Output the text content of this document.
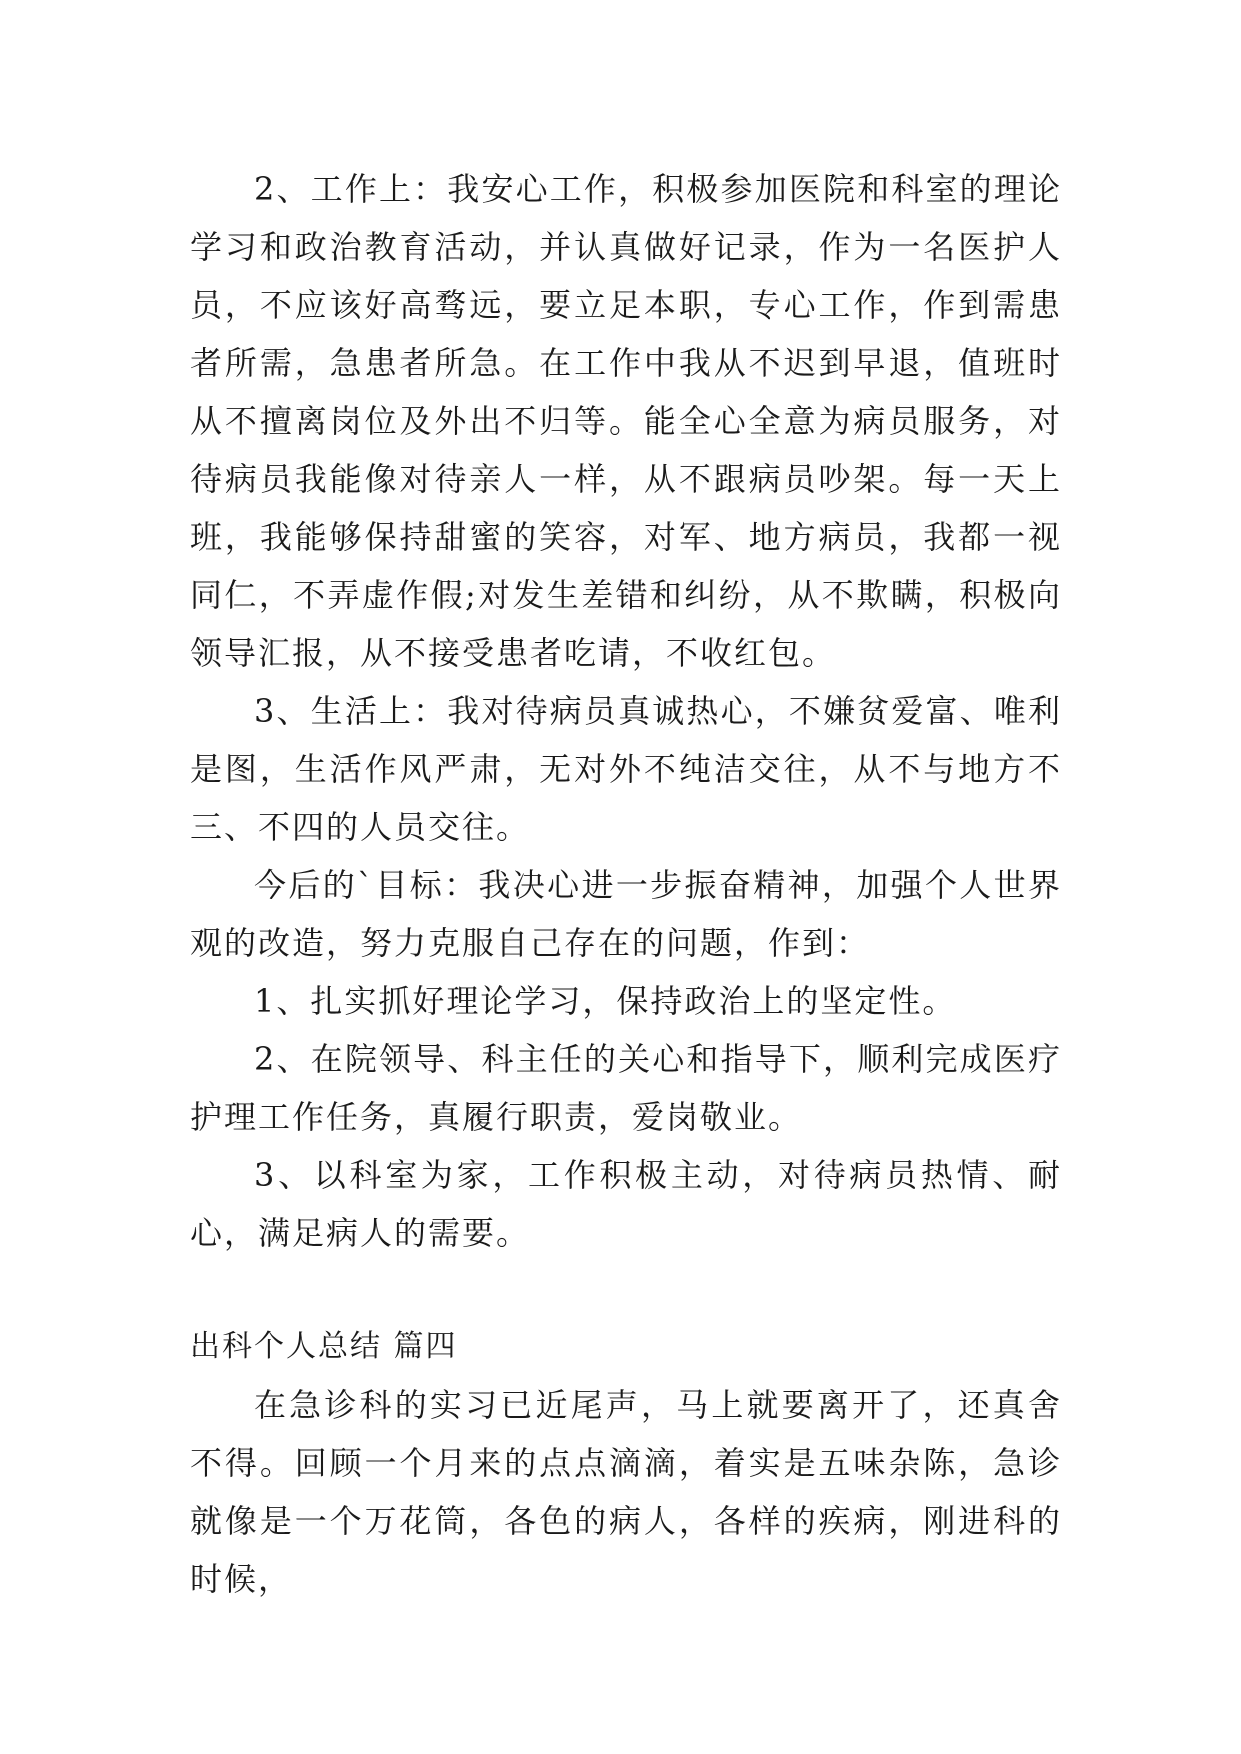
2、工作上：我安心工作，积极参加医院和科室的理论学习和政治教育活动，并认真做好记录，作为一名医护人员，不应该好高骛远，要立足本职，专心工作，作到需患者所需，急患者所急。在工作中我从不迟到早退，值班时从不擅离岗位及外出不归等。能全心全意为病员服务，对待病员我能像对待亲人一样，从不跟病员吵架。每一天上班，我能够保持甜蜜的笑容，对军、地方病员，我都一视同仁，不弄虚作假;对发生差错和纠纷，从不欺瞒，积极向领导汇报，从不接受患者吃请，不收红包。

3、生活上：我对待病员真诚热心，不嫌贫爱富、唯利是图，生活作风严肃，无对外不纯洁交往，从不与地方不三、不四的人员交往。

今后的`目标：我决心进一步振奋精神，加强个人世界观的改造，努力克服自己存在的问题，作到：

1、扎实抓好理论学习，保持政治上的坚定性。

2、在院领导、科主任的关心和指导下，顺利完成医疗护理工作任务，真履行职责，爱岗敬业。

3、以科室为家，工作积极主动，对待病员热情、耐心，满足病人的需要。

出科个人总结 篇四

在急诊科的实习已近尾声，马上就要离开了，还真舍不得。回顾一个月来的点点滴滴，着实是五味杂陈，急诊就像是一个万花筒，各色的病人，各样的疾病，刚进科的时候，
